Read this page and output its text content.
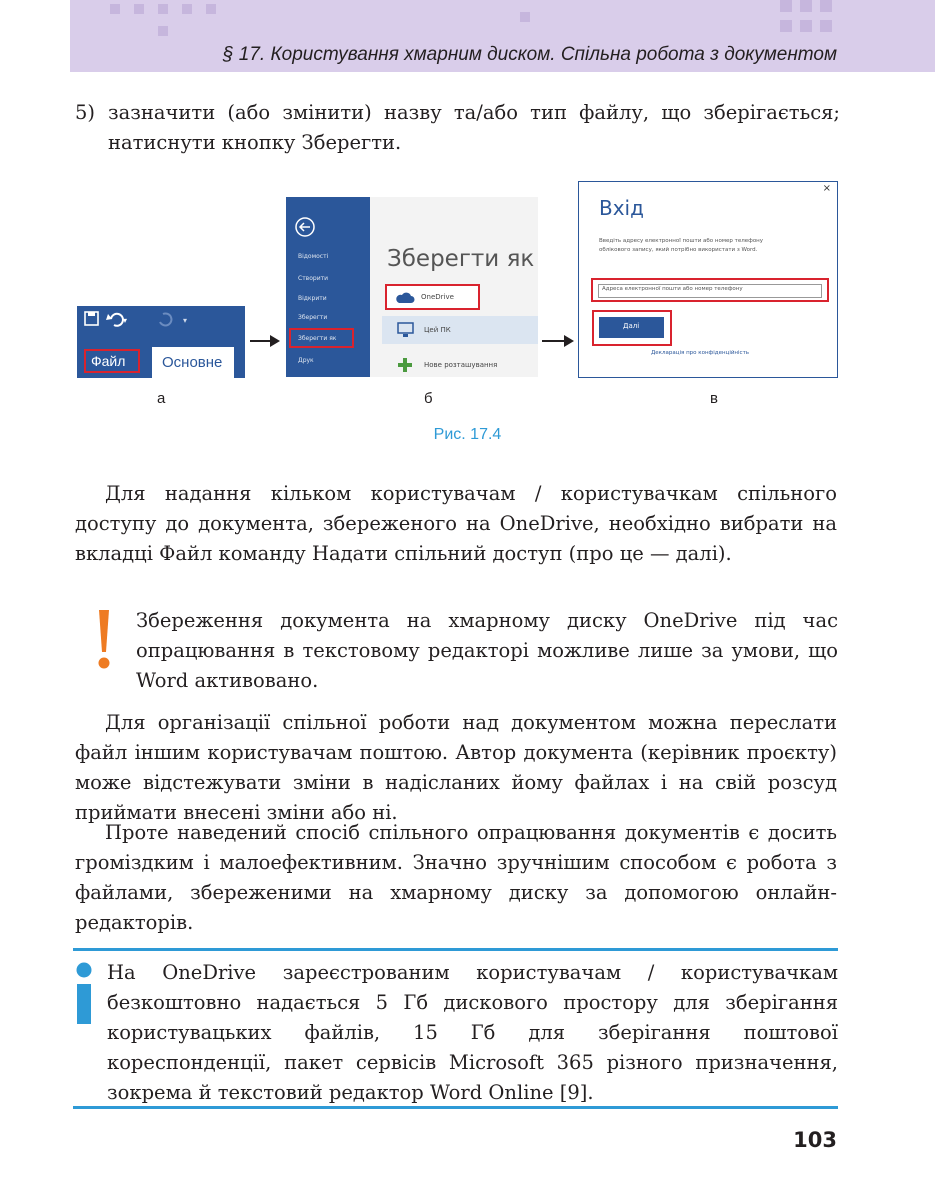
§ 17. Користування хмарним диском. Спільна робота з документом
5) зазначити (або змінити) назву та/або тип файлу, що зберігається; натиснути кнопку Зберегти.
▾	▾
Основне
Файл
Відомості
Створити
Відкрити
Зберегти
Зберегти як
Друк
Зберегти як
Цей ПК
Нове розташування
OneDrive
×
Вхід
Введіть адресу електронної пошти або номер телефону облікового запису, який потрібно використати з Word.
Адреса електронної пошти або номер телефону
Далі
Декларація про конфіденційність
а	б	в
Рис. 17.4

Для надання кільком користувачам / користувачкам спільного доступу до документа, збереженого на OneDrive, необхідно вибрати на вкладці Файл команду Надати спільний доступ (про це — далі).

Збереження документа на хмарному диску OneDrive під час опрацювання в текстовому редакторі можливе лише за умови, що Word активовано.

Для організації спільної роботи над документом можна переслати файл іншим користувачам поштою. Автор документа (керівник проєкту) може відстежувати зміни в надісланих йому файлах і на свій розсуд приймати внесені зміни або ні.

Проте наведений спосіб спільного опрацювання документів є досить громіздким і малоефективним. Значно зручнішим способом є робота з файлами, збереженими на хмарному диску за допомогою онлайн-редакторів.

На OneDrive зареєстрованим користувачам / користувачкам безкоштовно надається 5 Гб дискового простору для зберігання користувацьких файлів, 15 Гб для зберігання поштової кореспонденції, пакет сервісів Microsoft 365 різного призначення, зокрема й текстовий редактор Word Online [9].

103
